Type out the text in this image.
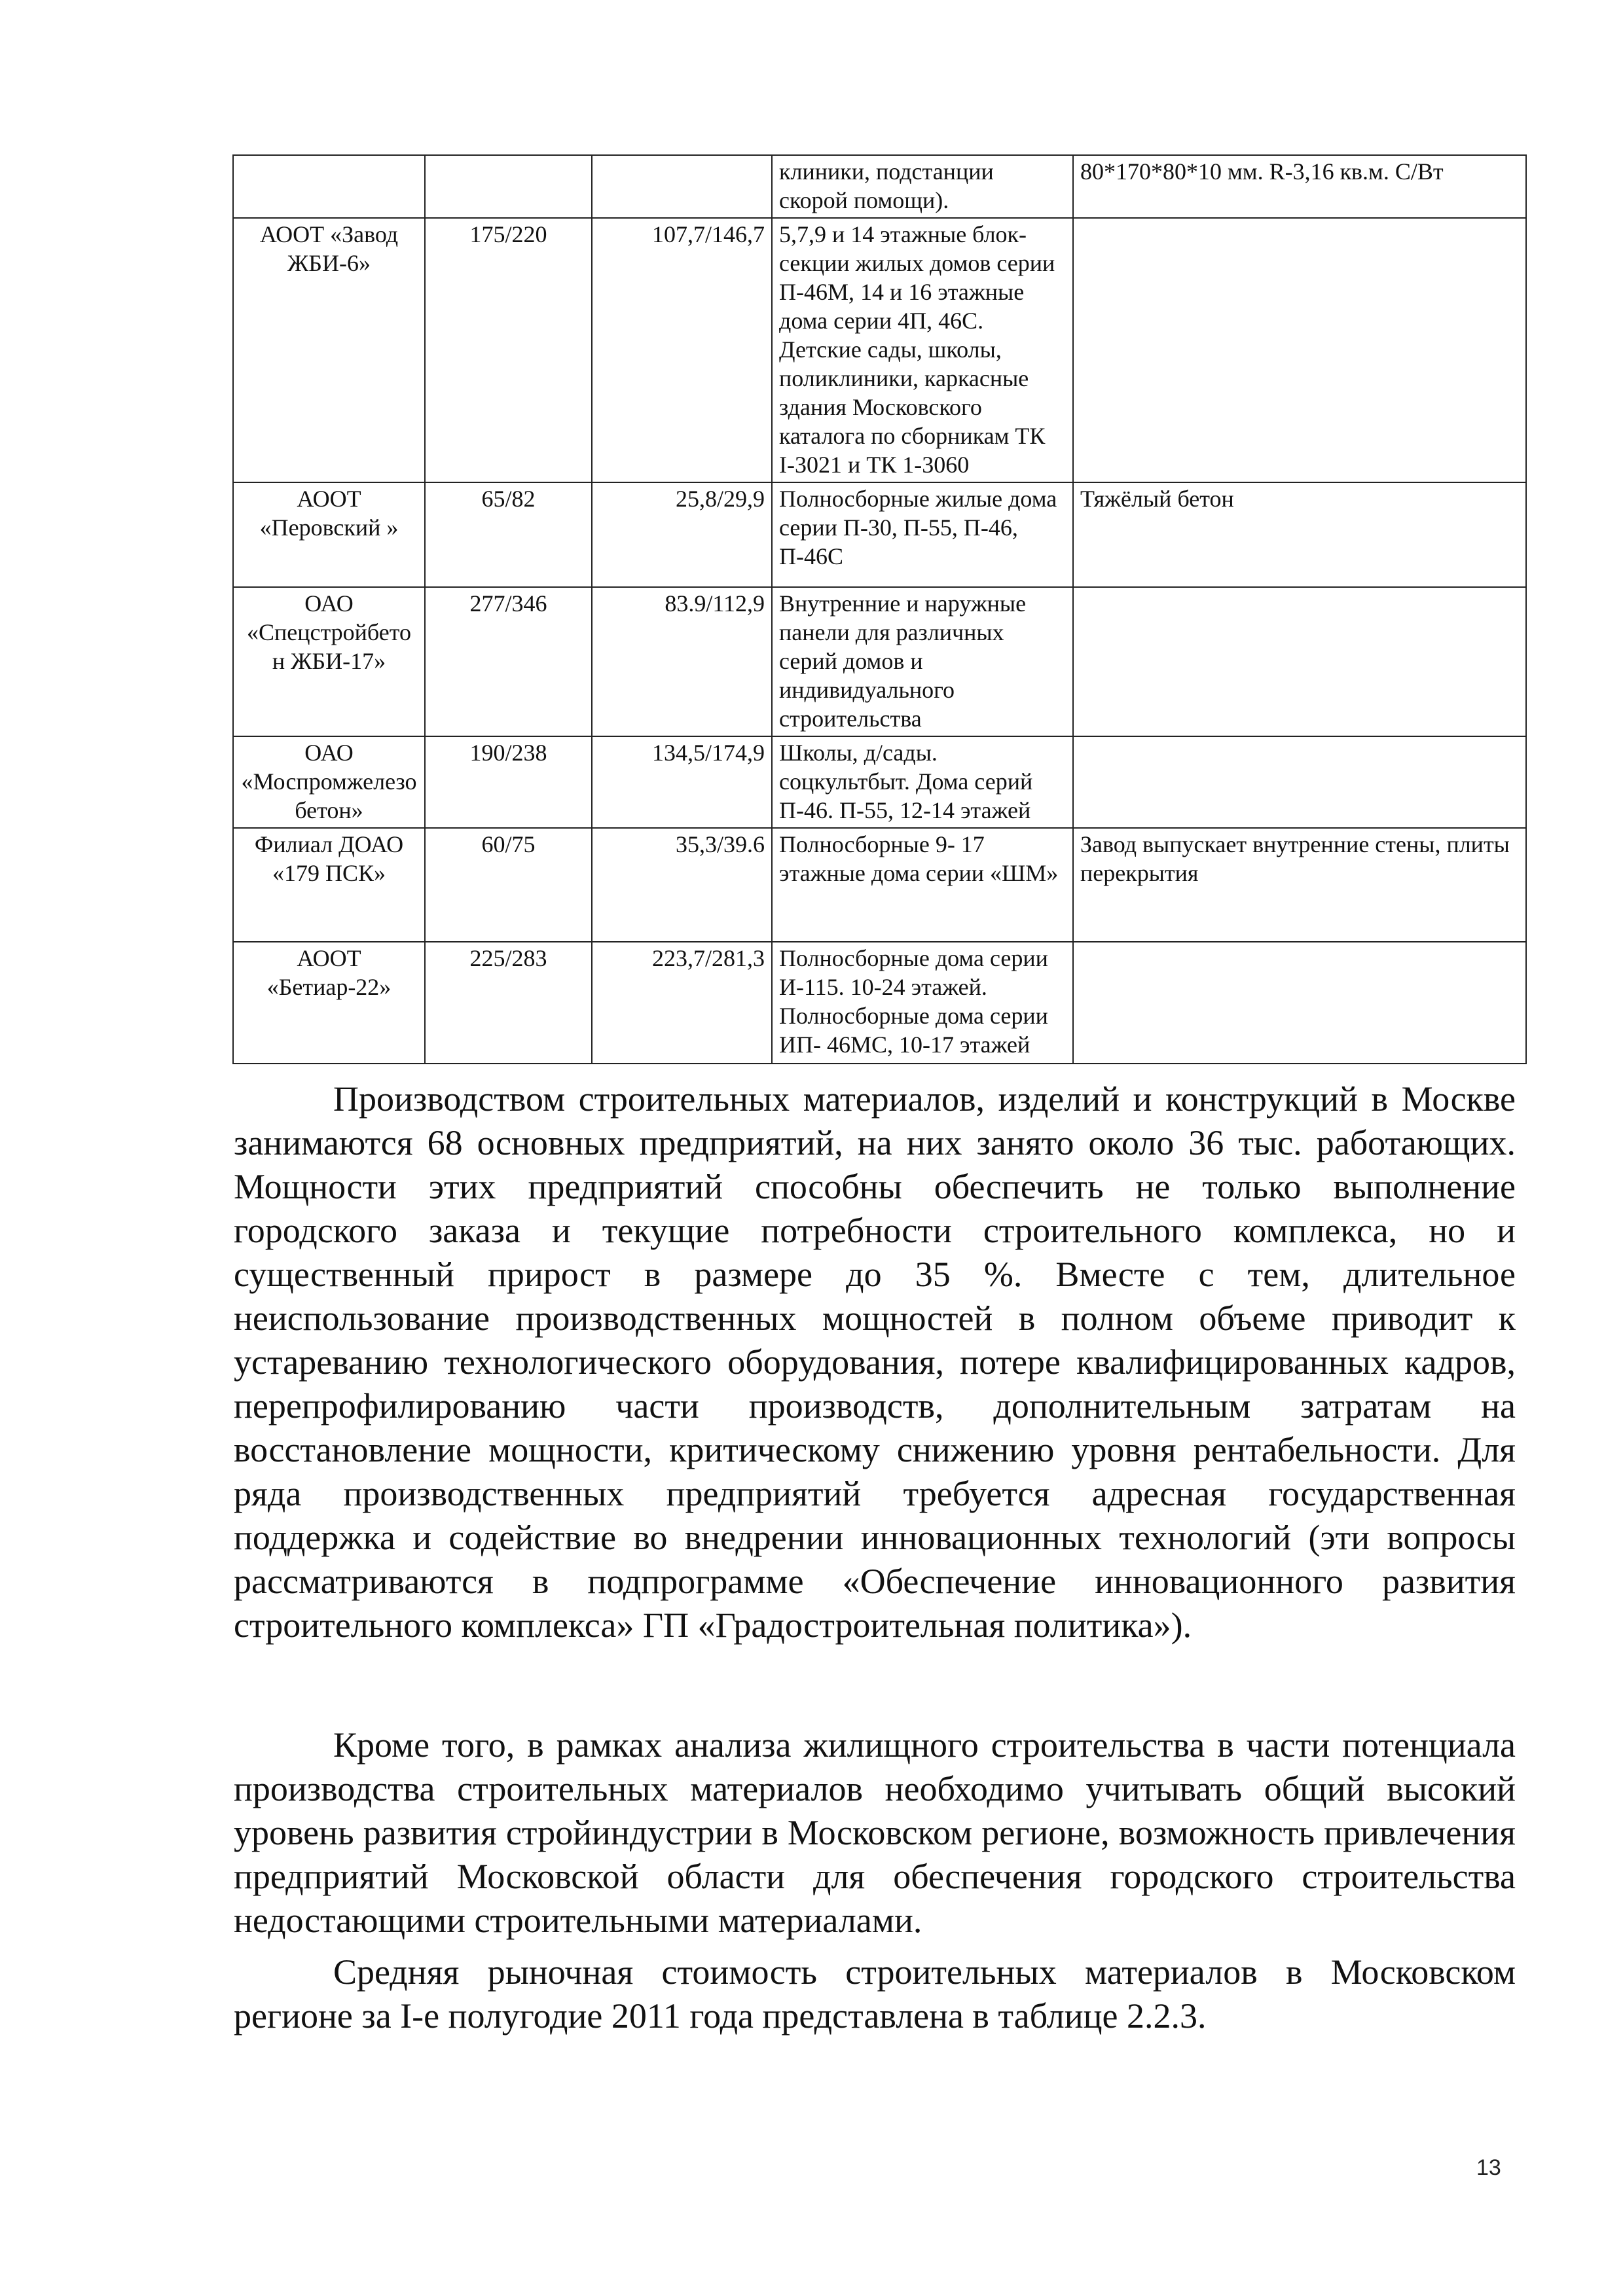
			клиники, подстанции скорой помощи).	80*170*80*10 мм. R-3,16 кв.м. С/Вт
АООТ «Завод ЖБИ-6»	175/220	107,7/146,7	5,7,9 и 14 этажные блок-секции жилых домов серии П-46М, 14 и 16 этажные дома серии 4П, 46С. Детские сады, школы, поликлиники, каркасные здания Московского каталога по сборникам ТК I-3021 и ТК 1-3060	
АООТ «Перовский »	65/82	25,8/29,9	Полносборные жилые дома серии П-30, П-55, П-46, П-46С	Тяжёлый бетон
ОАО «Спецстройбето н ЖБИ-17»	277/346	83.9/112,9	Внутренние и наружные панели для различных серий домов и индивидуального строительства	
ОАО «Моспромжелезобетон»	190/238	134,5/174,9	Школы, д/сады. соцкультбыт. Дома серий П-46. П-55, 12-14 этажей	
Филиал ДОАО «179 ПСК»	60/75	35,3/39.6	Полносборные 9- 17 этажные дома серии «ШМ»	Завод выпускает внутренние стены, плиты перекрытия
АООТ «Бетиар-22»	225/283	223,7/281,3	Полносборные дома серии И-115. 10-24 этажей. Полносборные дома серии ИП- 46МС, 10-17 этажей	

Производством строительных материалов, изделий и конструкций в Москве занимаются 68 основных предприятий, на них занято около 36 тыс. работающих. Мощности этих предприятий способны обеспечить не только выполнение городского заказа и текущие потребности строительного комплекса, но и существенный прирост в размере до 35 %. Вместе с тем, длительное неиспользование производственных мощностей в полном объеме приводит к устареванию технологического оборудования, потере квалифицированных кадров, перепрофилированию части производств, дополнительным затратам на восстановление мощности, критическому снижению уровня рентабельности. Для ряда производственных предприятий требуется адресная государственная поддержка и содействие во внедрении инновационных технологий (эти вопросы рассматриваются в подпрограмме «Обеспечение инновационного развития строительного комплекса» ГП «Градостроительная политика»).

Кроме того, в рамках анализа жилищного строительства в части потенциала производства строительных материалов необходимо учитывать общий высокий уровень развития стройиндустрии в Московском регионе, возможность привлечения предприятий Московской области для обеспечения городского строительства недостающими строительными материалами.

Средняя рыночная стоимость строительных материалов в Московском регионе за I-е полугодие 2011 года представлена в таблице 2.2.3.

13
